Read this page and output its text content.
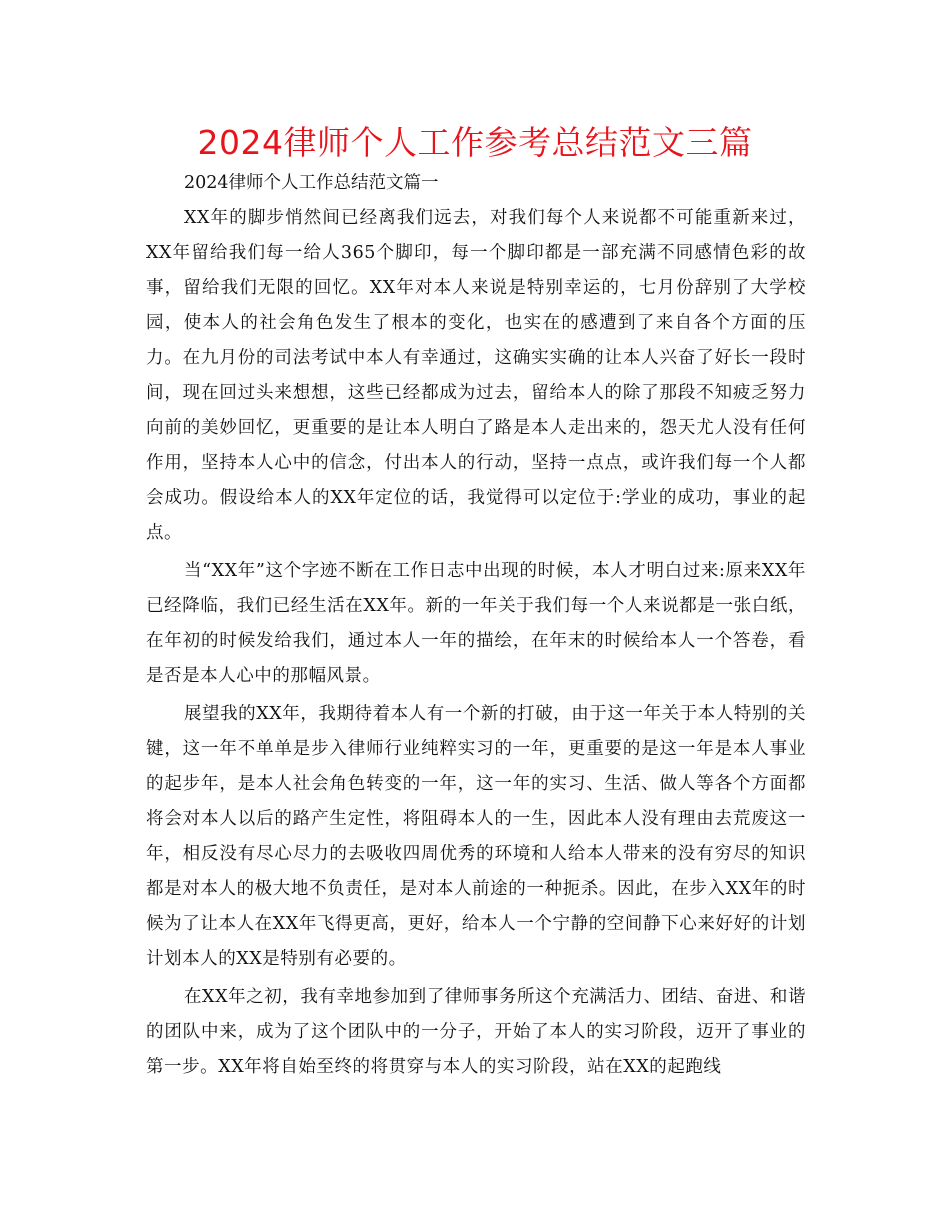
2024律师个人工作参考总结范文三篇

2024律师个人工作总结范文篇一

XX年的脚步悄然间已经离我们远去，对我们每个人来说都不可能重新来过，XX年留给我们每一给人365个脚印，每一个脚印都是一部充满不同感情色彩的故事，留给我们无限的回忆。XX年对本人来说是特别幸运的，七月份辞别了大学校园，使本人的社会角色发生了根本的变化，也实在的感遭到了来自各个方面的压力。在九月份的司法考试中本人有幸通过，这确实实确的让本人兴奋了好长一段时间，现在回过头来想想，这些已经都成为过去，留给本人的除了那段不知疲乏努力向前的美妙回忆，更重要的是让本人明白了路是本人走出来的，怨天尤人没有任何作用，坚持本人心中的信念，付出本人的行动，坚持一点点，或许我们每一个人都会成功。假设给本人的XX年定位的话，我觉得可以定位于:学业的成功，事业的起点。

当“XX年”这个字迹不断在工作日志中出现的时候，本人才明白过来:原来XX年已经降临，我们已经生活在XX年。新的一年关于我们每一个人来说都是一张白纸，在年初的时候发给我们，通过本人一年的描绘，在年末的时候给本人一个答卷，看是否是本人心中的那幅风景。

展望我的XX年，我期待着本人有一个新的打破，由于这一年关于本人特别的关键，这一年不单单是步入律师行业纯粹实习的一年，更重要的是这一年是本人事业的起步年，是本人社会角色转变的一年，这一年的实习、生活、做人等各个方面都将会对本人以后的路产生定性，将阻碍本人的一生，因此本人没有理由去荒废这一年，相反没有尽心尽力的去吸收四周优秀的环境和人给本人带来的没有穷尽的知识都是对本人的极大地不负责任，是对本人前途的一种扼杀。因此，在步入XX年的时候为了让本人在XX年飞得更高，更好，给本人一个宁静的空间静下心来好好的计划计划本人的XX是特别有必要的。

在XX年之初，我有幸地参加到了律师事务所这个充满活力、团结、奋进、和谐的团队中来，成为了这个团队中的一分子，开始了本人的实习阶段，迈开了事业的第一步。XX年将自始至终的将贯穿与本人的实习阶段，站在XX的起跑线
